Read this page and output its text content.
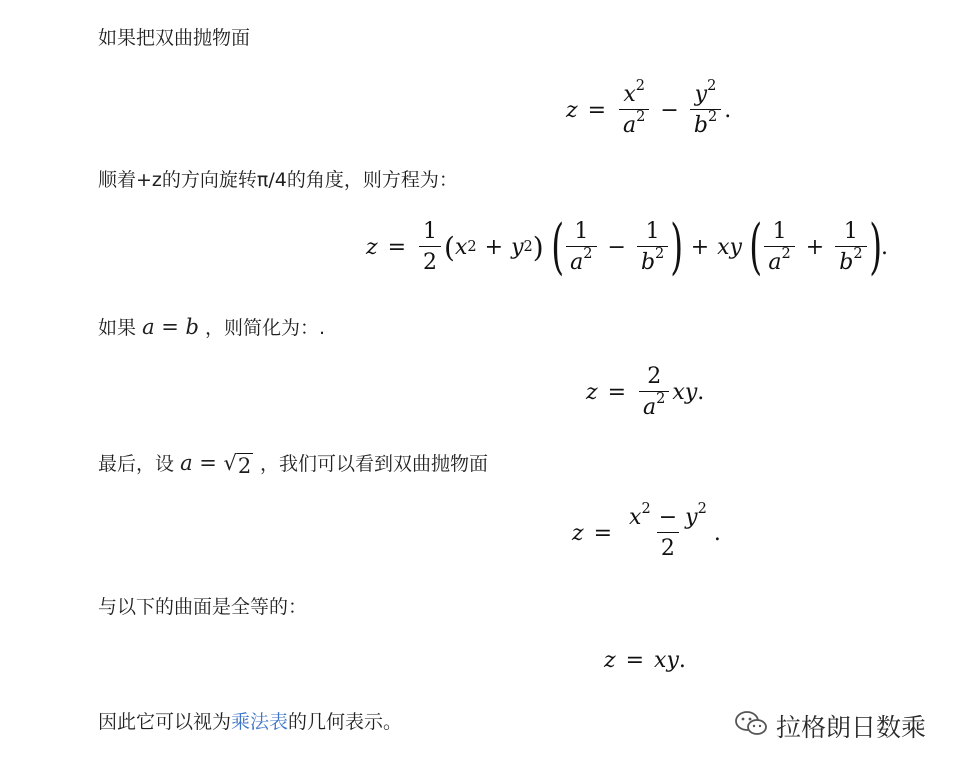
如果把双曲抛物面
$z = \frac{x^2}{a^2} - \frac{y^2}{b^2}$ .
顺着+z的方向旋转π/4的角度，则方程为：
$z = \frac{1}{2}$ ( x 2 + y 2 ) ( $\frac{1}{a^2} - \frac{1}{b^2}$ ) + xy ( $\frac{1}{a^2} + \frac{1}{b^2}$ ) .
如果 a = b ，则简化为：.
$z = \frac{2}{a^2}$ xy .
最后，设 a = √ 2 ，我们可以看到双曲抛物面
$z = \frac{x^2 - y^2}{2}$ .
与以下的曲面是全等的：
z = xy .
因此它可以视为乘法表的几何表示。	拉格朗日数乘
